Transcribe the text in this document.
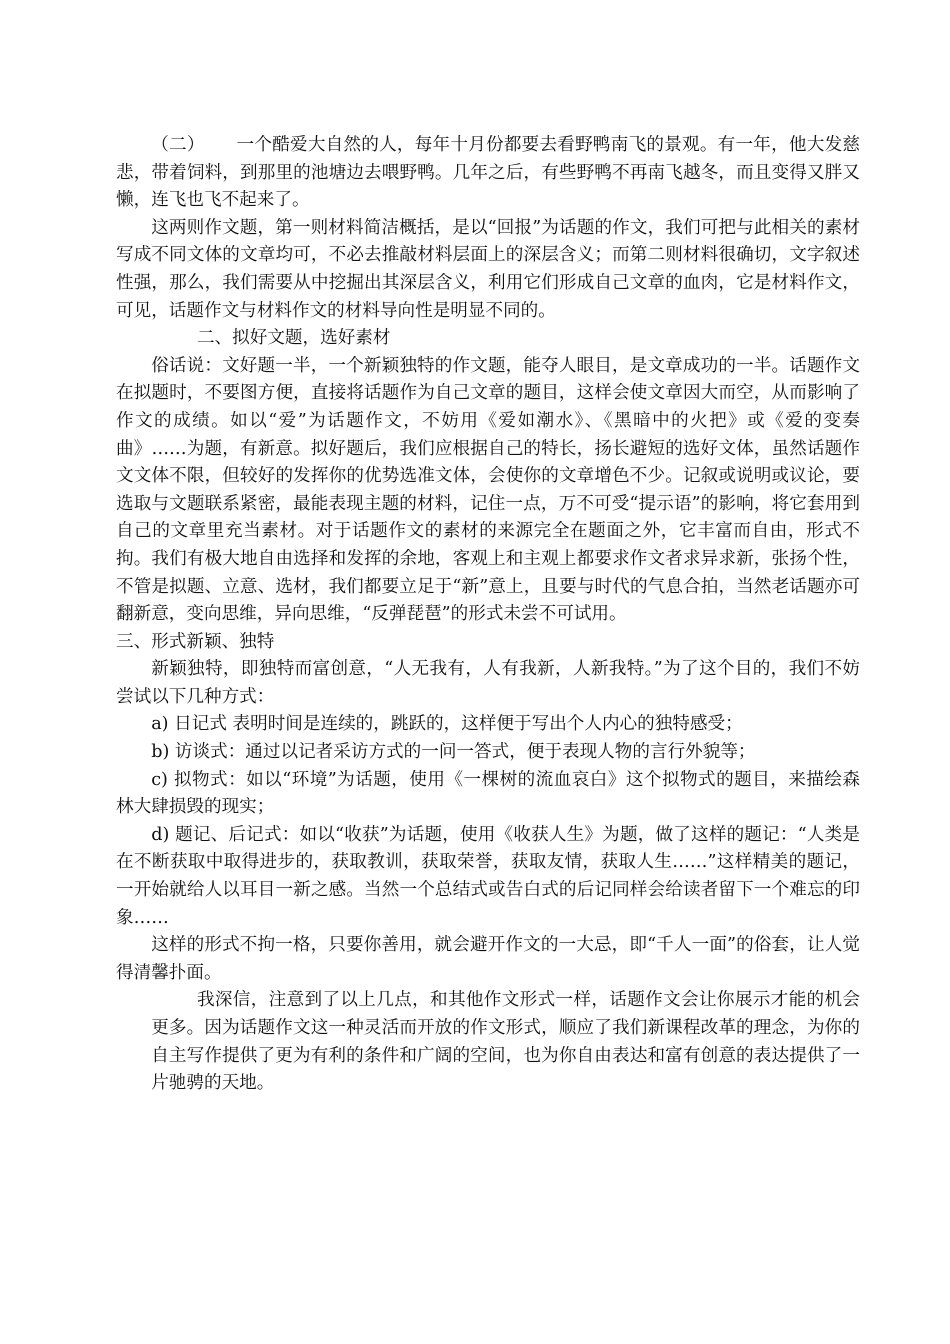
（二） 一个酷爱大自然的人，每年十月份都要去看野鸭南飞的景观。有一年，他大发慈悲，带着饲料，到那里的池塘边去喂野鸭。几年之后，有些野鸭不再南飞越冬，而且变得又胖又懒，连飞也飞不起来了。

这两则作文题，第一则材料简洁概括，是以“回报”为话题的作文，我们可把与此相关的素材写成不同文体的文章均可，不必去推敲材料层面上的深层含义；而第二则材料很确切，文字叙述性强，那么，我们需要从中挖掘出其深层含义，利用它们形成自己文章的血肉，它是材料作文，可见，话题作文与材料作文的材料导向性是明显不同的。

二、拟好文题，选好素材

俗话说：文好题一半，一个新颖独特的作文题，能夺人眼目，是文章成功的一半。话题作文在拟题时，不要图方便，直接将话题作为自己文章的题目，这样会使文章因大而空，从而影响了作文的成绩。如以“爱”为话题作文，不妨用《爱如潮水》、《黑暗中的火把》或《爱的变奏曲》……为题，有新意。拟好题后，我们应根据自己的特长，扬长避短的选好文体，虽然话题作文文体不限，但较好的发挥你的优势选准文体，会使你的文章增色不少。记叙或说明或议论，要选取与文题联系紧密，最能表现主题的材料，记住一点，万不可受“提示语”的影响，将它套用到自己的文章里充当素材。对于话题作文的素材的来源完全在题面之外，它丰富而自由，形式不拘。我们有极大地自由选择和发挥的余地，客观上和主观上都要求作文者求异求新，张扬个性，不管是拟题、立意、选材，我们都要立足于“新”意上，且要与时代的气息合拍，当然老话题亦可翻新意，变向思维，异向思维，“反弹琵琶”的形式未尝不可试用。

三、形式新颖、独特

新颖独特，即独特而富创意，“人无我有，人有我新，人新我特。”为了这个目的，我们不妨尝试以下几种方式：

a) 日记式 表明时间是连续的，跳跃的，这样便于写出个人内心的独特感受；

b) 访谈式：通过以记者采访方式的一问一答式，便于表现人物的言行外貌等；

c) 拟物式：如以“环境”为话题，使用《一棵树的流血哀白》这个拟物式的题目，来描绘森林大肆损毁的现实；

d) 题记、后记式：如以“收获”为话题，使用《收获人生》为题，做了这样的题记：“人类是在不断获取中取得进步的，获取教训，获取荣誉，获取友情，获取人生……”这样精美的题记，一开始就给人以耳目一新之感。当然一个总结式或告白式的后记同样会给读者留下一个难忘的印象……

这样的形式不拘一格，只要你善用，就会避开作文的一大忌，即“千人一面”的俗套，让人觉得清馨扑面。

我深信，注意到了以上几点，和其他作文形式一样，话题作文会让你展示才能的机会更多。因为话题作文这一种灵活而开放的作文形式，顺应了我们新课程改革的理念，为你的自主写作提供了更为有利的条件和广阔的空间，也为你自由表达和富有创意的表达提供了一片驰骋的天地。
